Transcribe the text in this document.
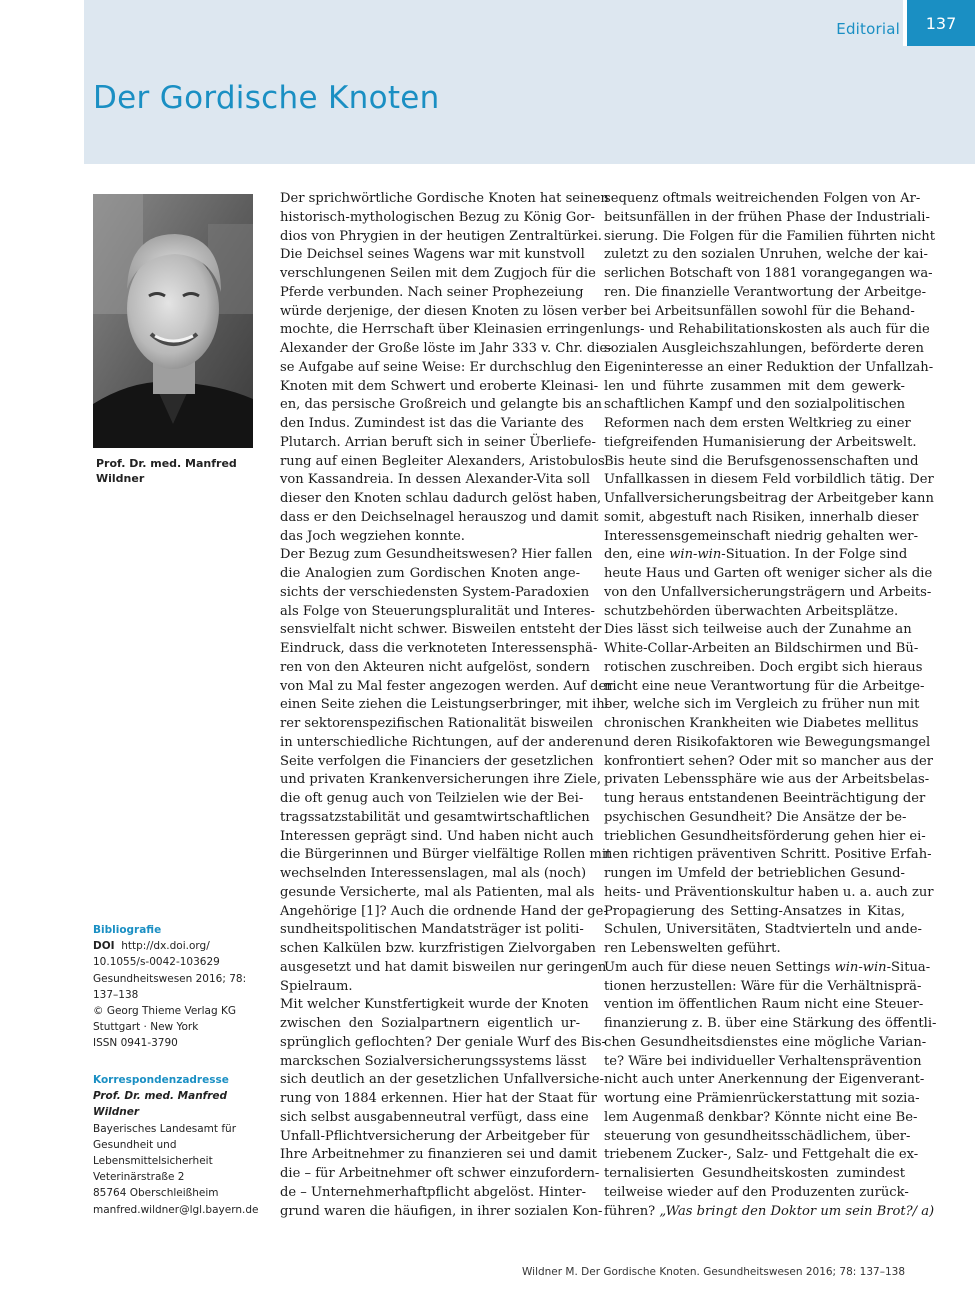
Editorial	137
Der Gordische Knoten
Prof. Dr. med. Manfred
Wildner
Bibliografie
DOI http://dx.doi.org/
10.1055/s-0042-103629
Gesundheitswesen 2016; 78:
137–138
© Georg Thieme Verlag KG
Stuttgart · New York
ISSN 0941-3790
Korrespondenzadresse
Prof. Dr. med. Manfred
Wildner
Bayerisches Landesamt für
Gesundheit und
Lebensmittelsicherheit
Veterinärstraße 2
85764 Oberschleißheim
manfred.wildner@lgl.bayern.de
Der sprichwörtliche Gordische Knoten hat seinen
historisch-mythologischen Bezug zu König Gor-
dios von Phrygien in der heutigen Zentraltürkei.
Die Deichsel seines Wagens war mit kunstvoll
verschlungenen Seilen mit dem Zugjoch für die
Pferde verbunden. Nach seiner Prophezeiung
würde derjenige, der diesen Knoten zu lösen ver-
mochte, die Herrschaft über Kleinasien erringen.
Alexander der Große löste im Jahr 333 v. Chr. die-
se Aufgabe auf seine Weise: Er durchschlug den
Knoten mit dem Schwert und eroberte Kleinasi-
en, das persische Großreich und gelangte bis an
den Indus. Zumindest ist das die Variante des
Plutarch. Arrian beruft sich in seiner Überliefe-
rung auf einen Begleiter Alexanders, Aristobulos
von Kassandreia. In dessen Alexander-Vita soll
dieser den Knoten schlau dadurch gelöst haben,
dass er den Deichselnagel herauszog und damit
das Joch wegziehen konnte.
Der Bezug zum Gesundheitswesen? Hier fallen
die Analogien zum Gordischen Knoten ange-
sichts der verschiedensten System-Paradoxien
als Folge von Steuerungspluralität und Interes-
sensvielfalt nicht schwer. Bisweilen entsteht der
Eindruck, dass die verknoteten Interessensphä-
ren von den Akteuren nicht aufgelöst, sondern
von Mal zu Mal fester angezogen werden. Auf der
einen Seite ziehen die Leistungserbringer, mit ih-
rer sektorenspezifischen Rationalität bisweilen
in unterschiedliche Richtungen, auf der anderen
Seite verfolgen die Financiers der gesetzlichen
und privaten Krankenversicherungen ihre Ziele,
die oft genug auch von Teilzielen wie der Bei-
tragssatzstabilität und gesamtwirtschaftlichen
Interessen geprägt sind. Und haben nicht auch
die Bürgerinnen und Bürger vielfältige Rollen mit
wechselnden Interessenslagen, mal als (noch)
gesunde Versicherte, mal als Patienten, mal als
Angehörige [1]? Auch die ordnende Hand der ge-
sundheitspolitischen Mandatsträger ist politi-
schen Kalkülen bzw. kurzfristigen Zielvorgaben
ausgesetzt und hat damit bisweilen nur geringen
Spielraum.
Mit welcher Kunstfertigkeit wurde der Knoten
zwischen den Sozialpartnern eigentlich ur-
sprünglich geflochten? Der geniale Wurf des Bis-
marckschen Sozialversicherungssystems lässt
sich deutlich an der gesetzlichen Unfallversiche-
rung von 1884 erkennen. Hier hat der Staat für
sich selbst ausgabenneutral verfügt, dass eine
Unfall-Pflichtversicherung der Arbeitgeber für
Ihre Arbeitnehmer zu finanzieren sei und damit
die – für Arbeitnehmer oft schwer einzufordern-
de – Unternehmerhaftpflicht abgelöst. Hinter-
grund waren die häufigen, in ihrer sozialen Kon-
sequenz oftmals weitreichenden Folgen von Ar-
beitsunfällen in der frühen Phase der Industriali-
sierung. Die Folgen für die Familien führten nicht
zuletzt zu den sozialen Unruhen, welche der kai-
serlichen Botschaft von 1881 vorangegangen wa-
ren. Die finanzielle Verantwortung der Arbeitge-
ber bei Arbeitsunfällen sowohl für die Behand-
lungs- und Rehabilitationskosten als auch für die
sozialen Ausgleichszahlungen, beförderte deren
Eigeninteresse an einer Reduktion der Unfallzah-
len und führte zusammen mit dem gewerk-
schaftlichen Kampf und den sozialpolitischen
Reformen nach dem ersten Weltkrieg zu einer
tiefgreifenden Humanisierung der Arbeitswelt.
Bis heute sind die Berufsgenossenschaften und
Unfallkassen in diesem Feld vorbildlich tätig. Der
Unfallversicherungsbeitrag der Arbeitgeber kann
somit, abgestuft nach Risiken, innerhalb dieser
Interessensgemeinschaft niedrig gehalten wer-
den, eine win-win-Situation. In der Folge sind
heute Haus und Garten oft weniger sicher als die
von den Unfallversicherungsträgern und Arbeits-
schutzbehörden überwachten Arbeitsplätze.
Dies lässt sich teilweise auch der Zunahme an
White-Collar-Arbeiten an Bildschirmen und Bü-
rotischen zuschreiben. Doch ergibt sich hieraus
nicht eine neue Verantwortung für die Arbeitge-
ber, welche sich im Vergleich zu früher nun mit
chronischen Krankheiten wie Diabetes mellitus
und deren Risikofaktoren wie Bewegungsmangel
konfrontiert sehen? Oder mit so mancher aus der
privaten Lebenssphäre wie aus der Arbeitsbelas-
tung heraus entstandenen Beeinträchtigung der
psychischen Gesundheit? Die Ansätze der be-
trieblichen Gesundheitsförderung gehen hier ei-
nen richtigen präventiven Schritt. Positive Erfah-
rungen im Umfeld der betrieblichen Gesund-
heits- und Präventionskultur haben u. a. auch zur
Propagierung des Setting-Ansatzes in Kitas,
Schulen, Universitäten, Stadtvierteln und ande-
ren Lebenswelten geführt.
Um auch für diese neuen Settings win-win-Situa-
tionen herzustellen: Wäre für die Verhältnisprä-
vention im öffentlichen Raum nicht eine Steuer-
finanzierung z. B. über eine Stärkung des öffentli-
chen Gesundheitsdienstes eine mögliche Varian-
te? Wäre bei individueller Verhaltensprävention
nicht auch unter Anerkennung der Eigenverant-
wortung eine Prämienrückerstattung mit sozia-
lem Augenmaß denkbar? Könnte nicht eine Be-
steuerung von gesundheitsschädlichem, über-
triebenem Zucker-, Salz- und Fettgehalt die ex-
ternalisierten Gesundheitskosten zumindest
teilweise wieder auf den Produzenten zurück-
führen? „Was bringt den Doktor um sein Brot?/ a)
Wildner M. Der Gordische Knoten. Gesundheitswesen 2016; 78: 137–138
